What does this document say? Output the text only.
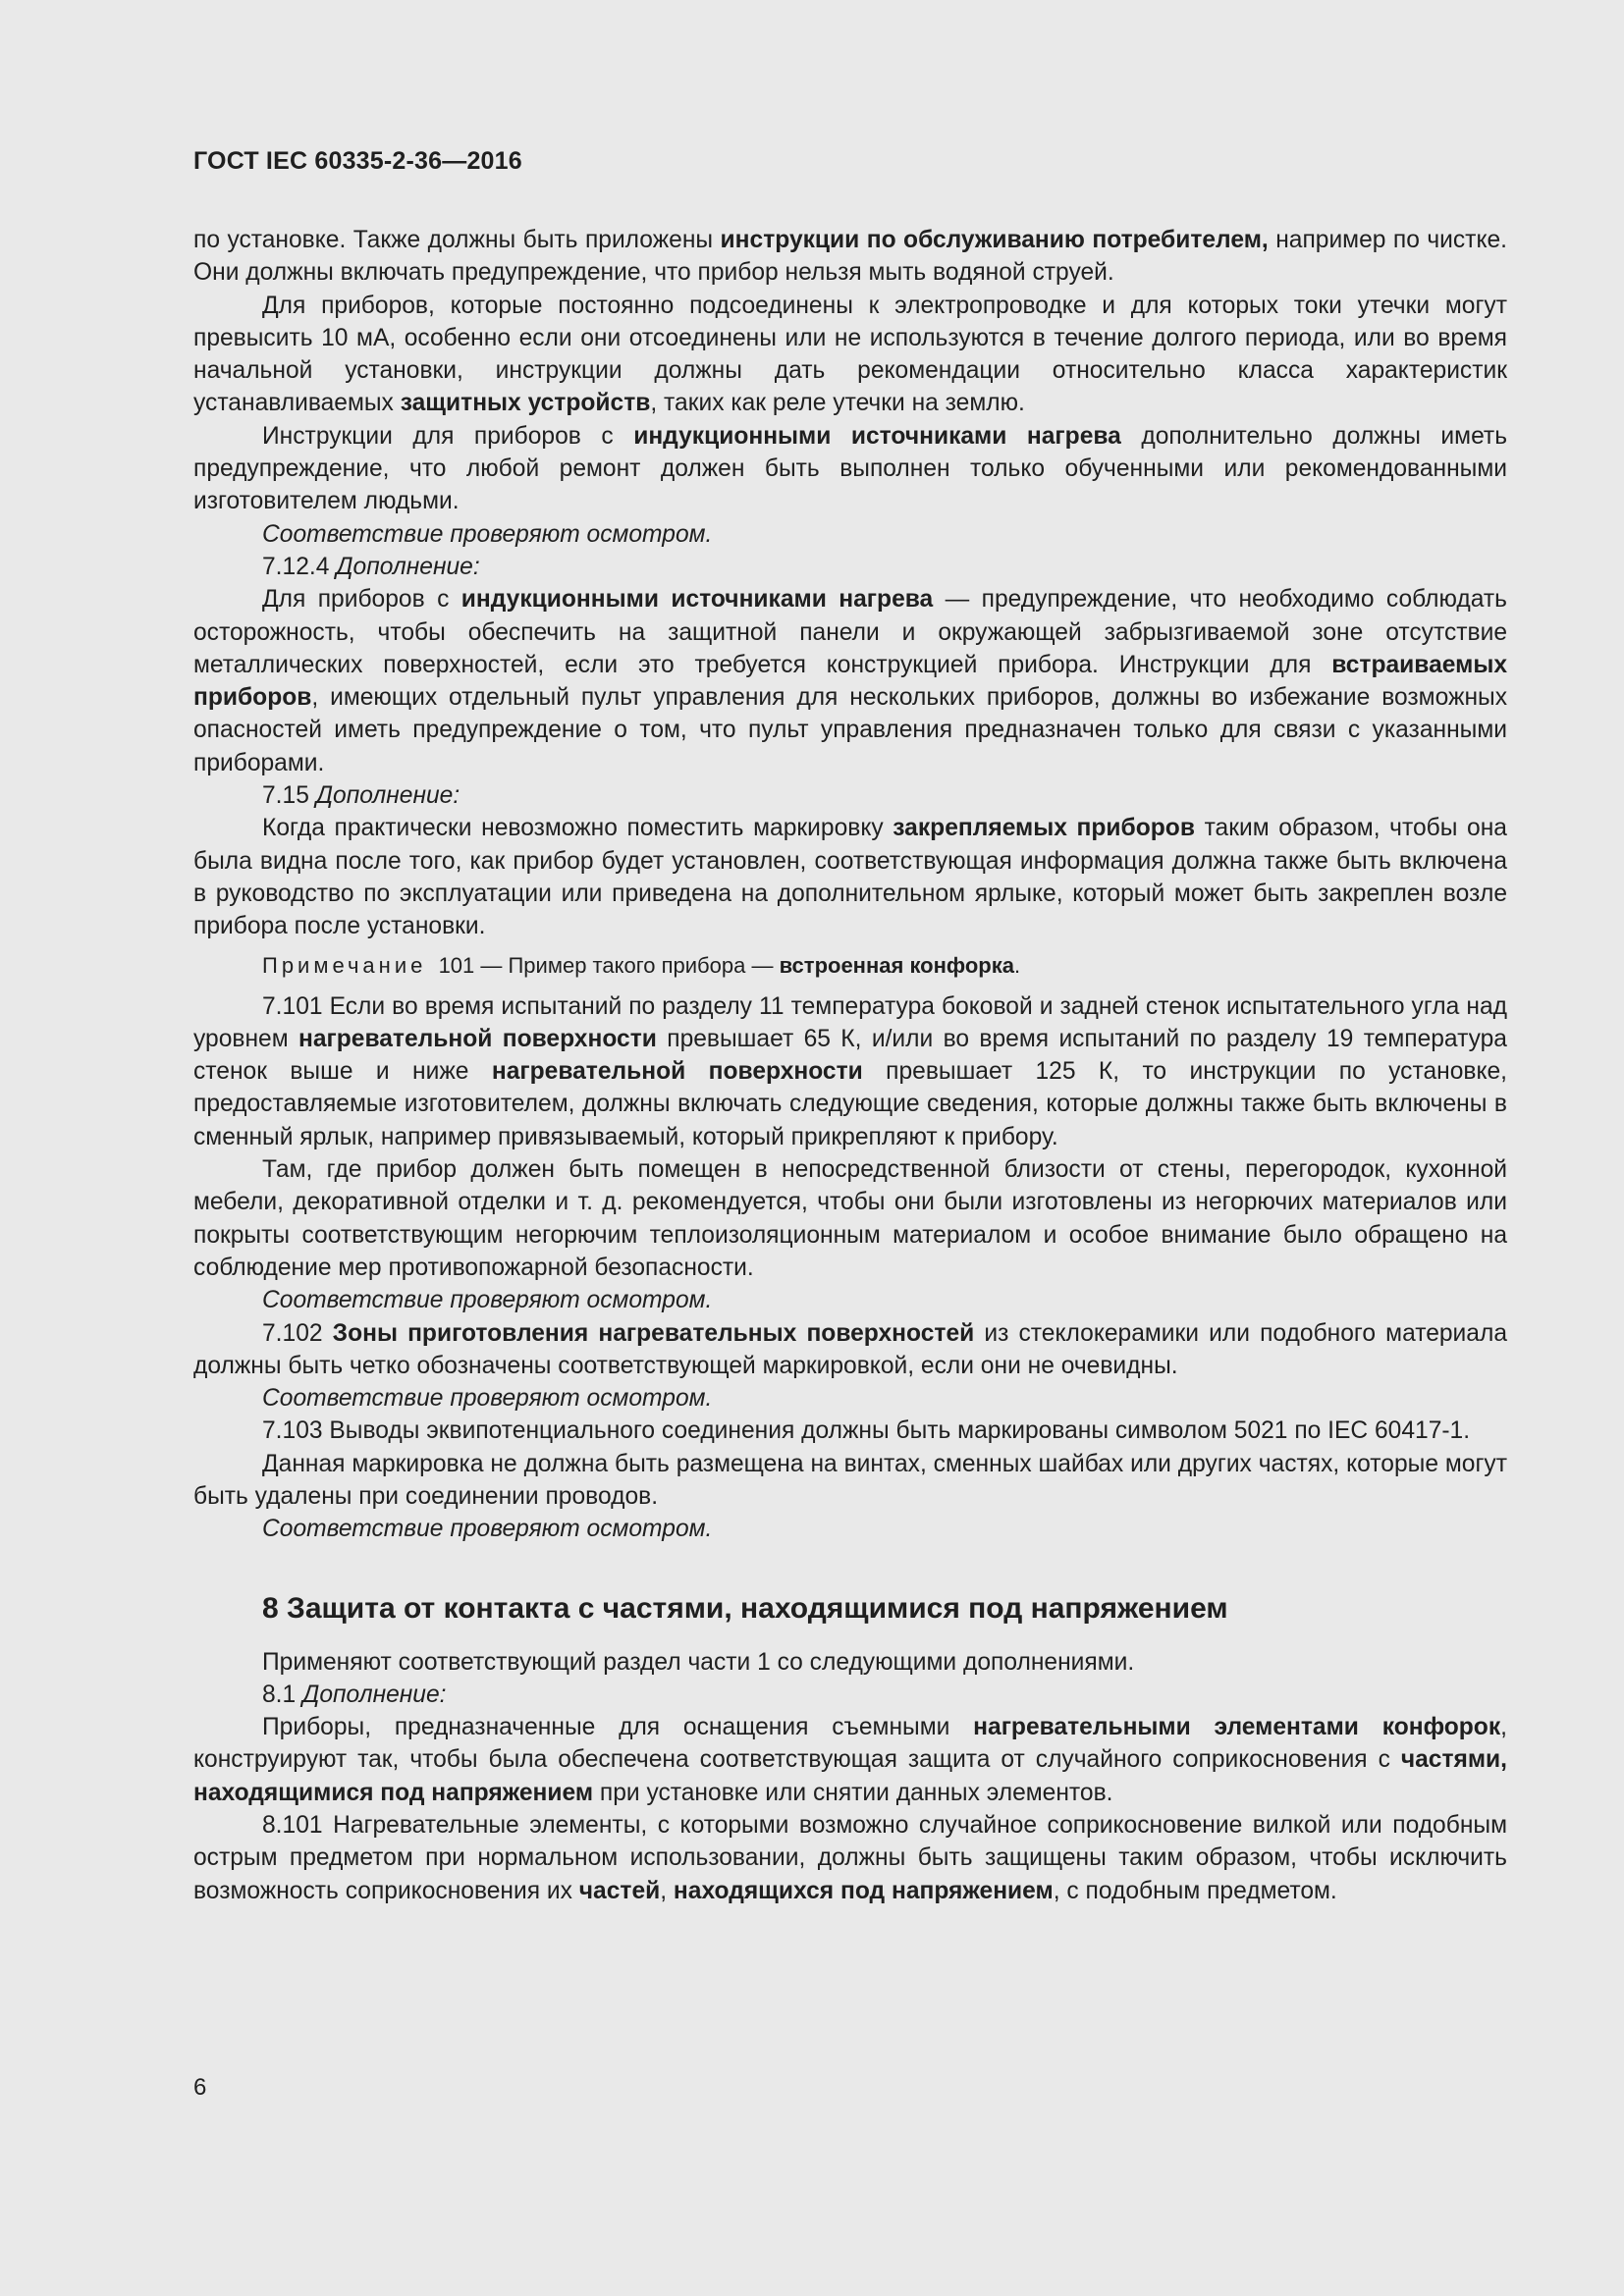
ГОСТ IEC 60335-2-36—2016

по установке. Также должны быть приложены инструкции по обслуживанию потребителем, например по чистке. Они должны включать предупреждение, что прибор нельзя мыть водяной струей.

Для приборов, которые постоянно подсоединены к электропроводке и для которых токи утечки могут превысить 10 мА, особенно если они отсоединены или не используются в течение долгого периода, или во время начальной установки, инструкции должны дать рекомендации относительно класса характеристик устанавливаемых защитных устройств, таких как реле утечки на землю.

Инструкции для приборов с индукционными источниками нагрева дополнительно должны иметь предупреждение, что любой ремонт должен быть выполнен только обученными или рекомендованными изготовителем людьми.

Соответствие проверяют осмотром.

7.12.4 Дополнение:

Для приборов с индукционными источниками нагрева — предупреждение, что необходимо соблюдать осторожность, чтобы обеспечить на защитной панели и окружающей забрызгиваемой зоне отсутствие металлических поверхностей, если это требуется конструкцией прибора. Инструкции для встраиваемых приборов, имеющих отдельный пульт управления для нескольких приборов, должны во избежание возможных опасностей иметь предупреждение о том, что пульт управления предназначен только для связи с указанными приборами.

7.15 Дополнение:

Когда практически невозможно поместить маркировку закрепляемых приборов таким образом, чтобы она была видна после того, как прибор будет установлен, соответствующая информация должна также быть включена в руководство по эксплуатации или приведена на дополнительном ярлыке, который может быть закреплен возле прибора после установки.

Примечание  101 — Пример такого прибора — встроенная конфорка.

7.101 Если во время испытаний по разделу 11 температура боковой и задней стенок испытательного угла над уровнем нагревательной поверхности превышает 65 К, и/или во время испытаний по разделу 19 температура стенок выше и ниже нагревательной поверхности превышает 125 К, то инструкции по установке, предоставляемые изготовителем, должны включать следующие сведения, которые должны также быть включены в сменный ярлык, например привязываемый, который прикрепляют к прибору.

Там, где прибор должен быть помещен в непосредственной близости от стены, перегородок, кухонной мебели, декоративной отделки и т. д. рекомендуется, чтобы они были изготовлены из негорючих материалов или покрыты соответствующим негорючим теплоизоляционным материалом и особое внимание было обращено на соблюдение мер противопожарной безопасности.

Соответствие проверяют осмотром.

7.102 Зоны приготовления нагревательных поверхностей из стеклокерамики или подобного материала должны быть четко обозначены соответствующей маркировкой, если они не очевидны.

Соответствие проверяют осмотром.

7.103 Выводы эквипотенциального соединения должны быть маркированы символом 5021 по IEC 60417-1.

Данная маркировка не должна быть размещена на винтах, сменных шайбах или других частях, которые могут быть удалены при соединении проводов.

Соответствие проверяют осмотром.

8 Защита от контакта с частями, находящимися под напряжением

Применяют соответствующий раздел части 1 со следующими дополнениями.

8.1 Дополнение:

Приборы, предназначенные для оснащения съемными нагревательными элементами конфорок, конструируют так, чтобы была обеспечена соответствующая защита от случайного соприкосновения с частями, находящимися под напряжением при установке или снятии данных элементов.

8.101 Нагревательные элементы, с которыми возможно случайное соприкосновение вилкой или подобным острым предметом при нормальном использовании, должны быть защищены таким образом, чтобы исключить возможность соприкосновения их частей, находящихся под напряжением, с подобным предметом.

6
